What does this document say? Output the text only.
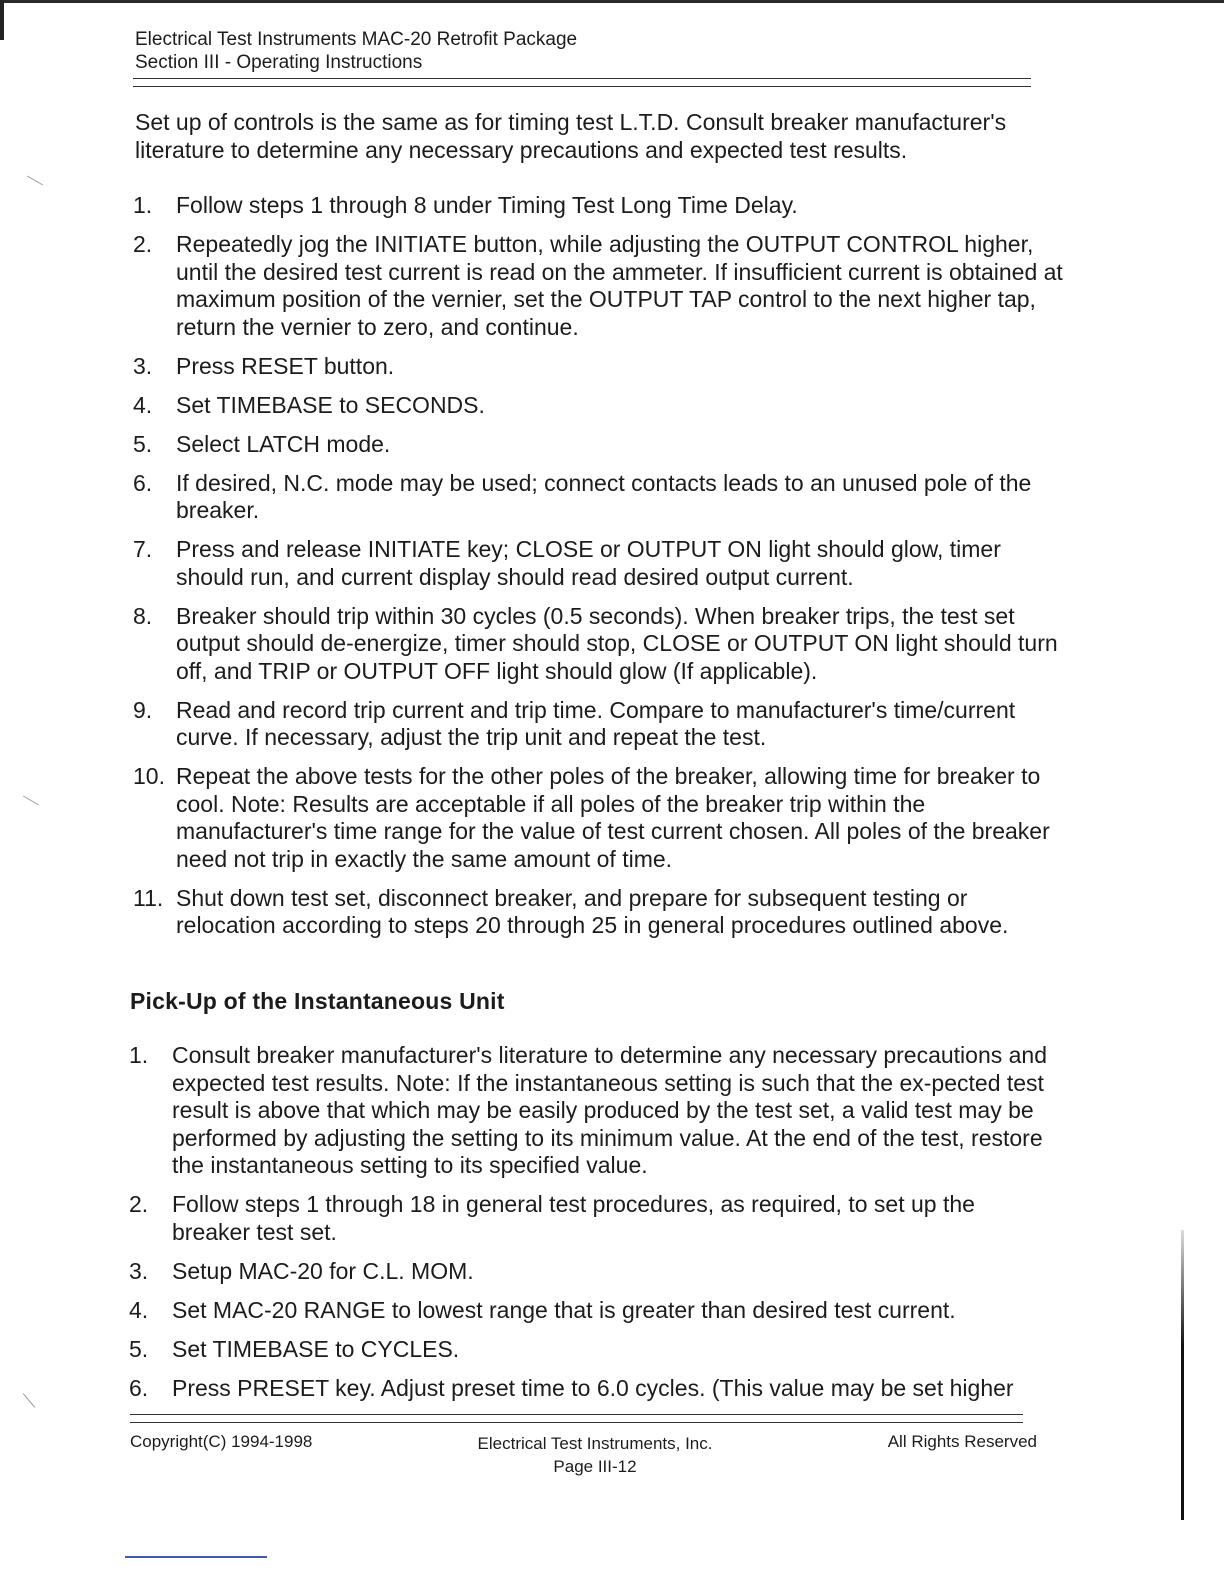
Electrical Test Instruments MAC-20 Retrofit Package
Section III - Operating Instructions
Set up of controls is the same as for timing test L.T.D. Consult breaker manufacturer's literature to determine any necessary precautions and expected test results.
1.	Follow steps 1 through 8 under Timing Test Long Time Delay.
2.	Repeatedly jog the INITIATE button, while adjusting the OUTPUT CONTROL higher, until the desired test current is read on the ammeter. If insufficient current is obtained at maximum position of the vernier, set the OUTPUT TAP control to the next higher tap, return the vernier to zero, and continue.
3.	Press RESET button.
4.	Set TIMEBASE to SECONDS.
5.	Select LATCH mode.
6.	If desired, N.C. mode may be used; connect contacts leads to an unused pole of the breaker.
7.	Press and release INITIATE key; CLOSE or OUTPUT ON light should glow, timer should run, and current display should read desired output current.
8.	Breaker should trip within 30 cycles (0.5 seconds). When breaker trips, the test set output should de-energize, timer should stop, CLOSE or OUTPUT ON light should turn off, and TRIP or OUTPUT OFF light should glow (If applicable).
9.	Read and record trip current and trip time. Compare to manufacturer's time/current curve. If necessary, adjust the trip unit and repeat the test.
10. Repeat the above tests for the other poles of the breaker, allowing time for breaker to cool. Note: Results are acceptable if all poles of the breaker trip within the manufacturer's time range for the value of test current chosen. All poles of the breaker need not trip in exactly the same amount of time.
11. Shut down test set, disconnect breaker, and prepare for subsequent testing or relocation according to steps 20 through 25 in general procedures outlined above.
Pick-Up of the Instantaneous Unit
1.	Consult breaker manufacturer's literature to determine any necessary precautions and expected test results. Note: If the instantaneous setting is such that the ex-pected test result is above that which may be easily produced by the test set, a valid test may be performed by adjusting the setting to its minimum value. At the end of the test, restore the instantaneous setting to its specified value.
2.	Follow steps 1 through 18 in general test procedures, as required, to set up the breaker test set.
3.	Setup MAC-20 for C.L. MOM.
4.	Set MAC-20 RANGE to lowest range that is greater than desired test current.
5.	Set TIMEBASE to CYCLES.
6.	Press PRESET key. Adjust preset time to 6.0 cycles. (This value may be set higher
Copyright(C) 1994-1998	Electrical Test Instruments, Inc.
Page III-12
All Rights Reserved
